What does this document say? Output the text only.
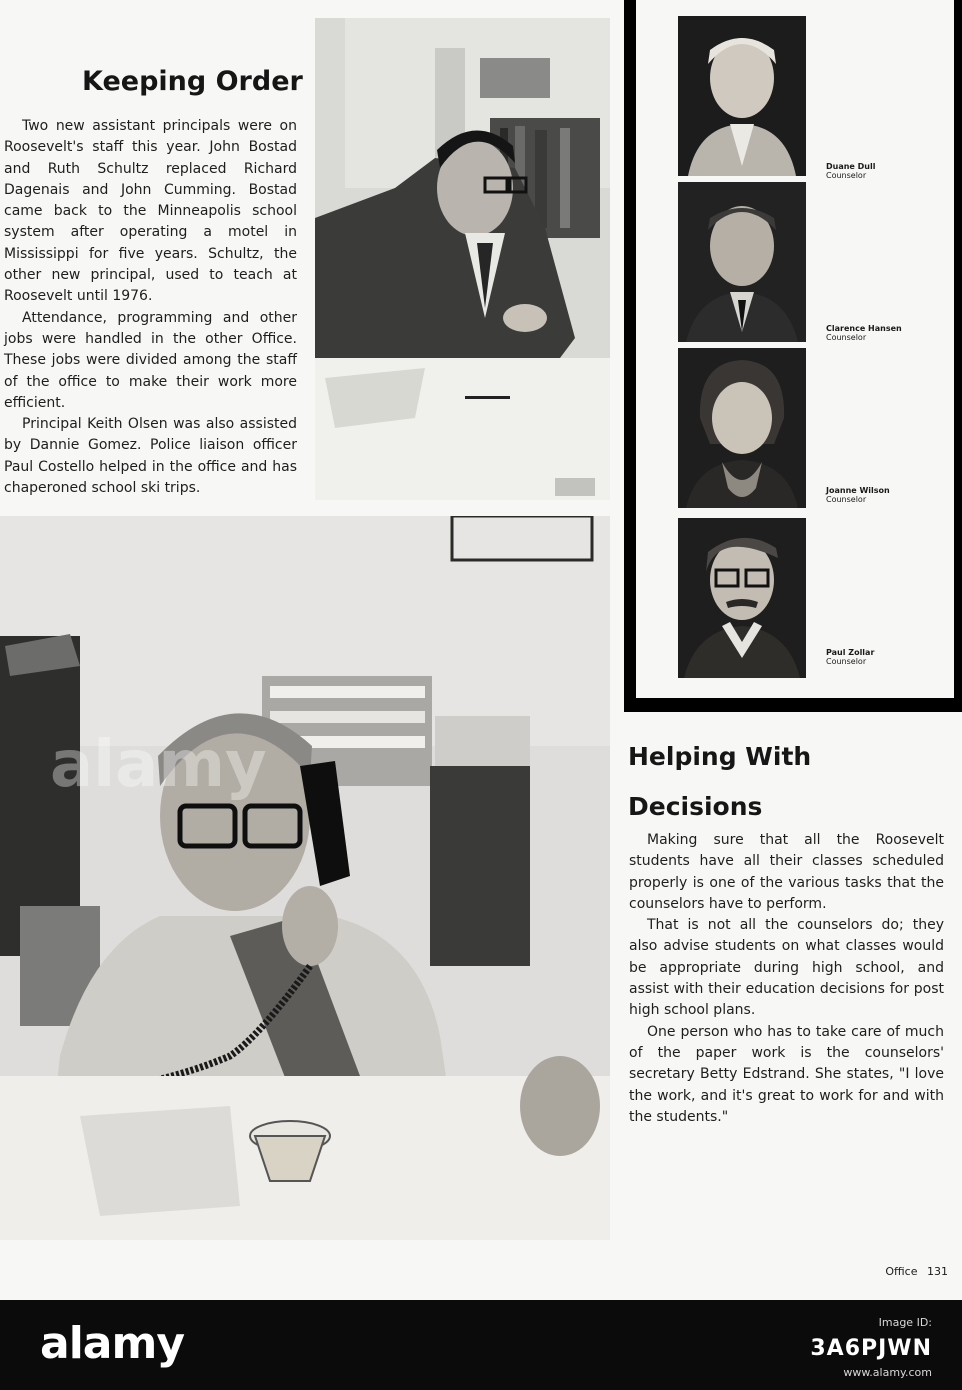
Keeping Order

Two new assistant principals were on Roosevelt's staff this year. John Bostad and Ruth Schultz replaced Richard Dagenais and John Cumming. Bostad came back to the Minneapolis school system after operating a motel in Mississippi for five years. Schultz, the other new principal, used to teach at Roosevelt until 1976.

Attendance, programming and other jobs were handled in the other Office. These jobs were divided among the staff of the office to make their work more efficient.

Principal Keith Olsen was also assisted by Dannie Gomez. Police liaison officer Paul Costello helped in the office and has chaperoned school ski trips.

alamy
Duane Dull
Counselor
Clarence Hansen
Counselor
Joanne Wilson
Counselor
Paul Zollar
Counselor
Helping With
Decisions

Making sure that all the Roosevelt students have all their classes scheduled properly is one of the various tasks that the counselors have to perform.

That is not all the counselors do; they also advise students on what classes would be appropriate during high school, and assist with their education decisions for post high school plans.

One person who has to take care of much of the paper work is the counselors' secretary Betty Edstrand. She states, "I love the work, and it's great to work for and with the students."

Office 131
alamy	Image ID:
3A6PJWN
www.alamy.com
